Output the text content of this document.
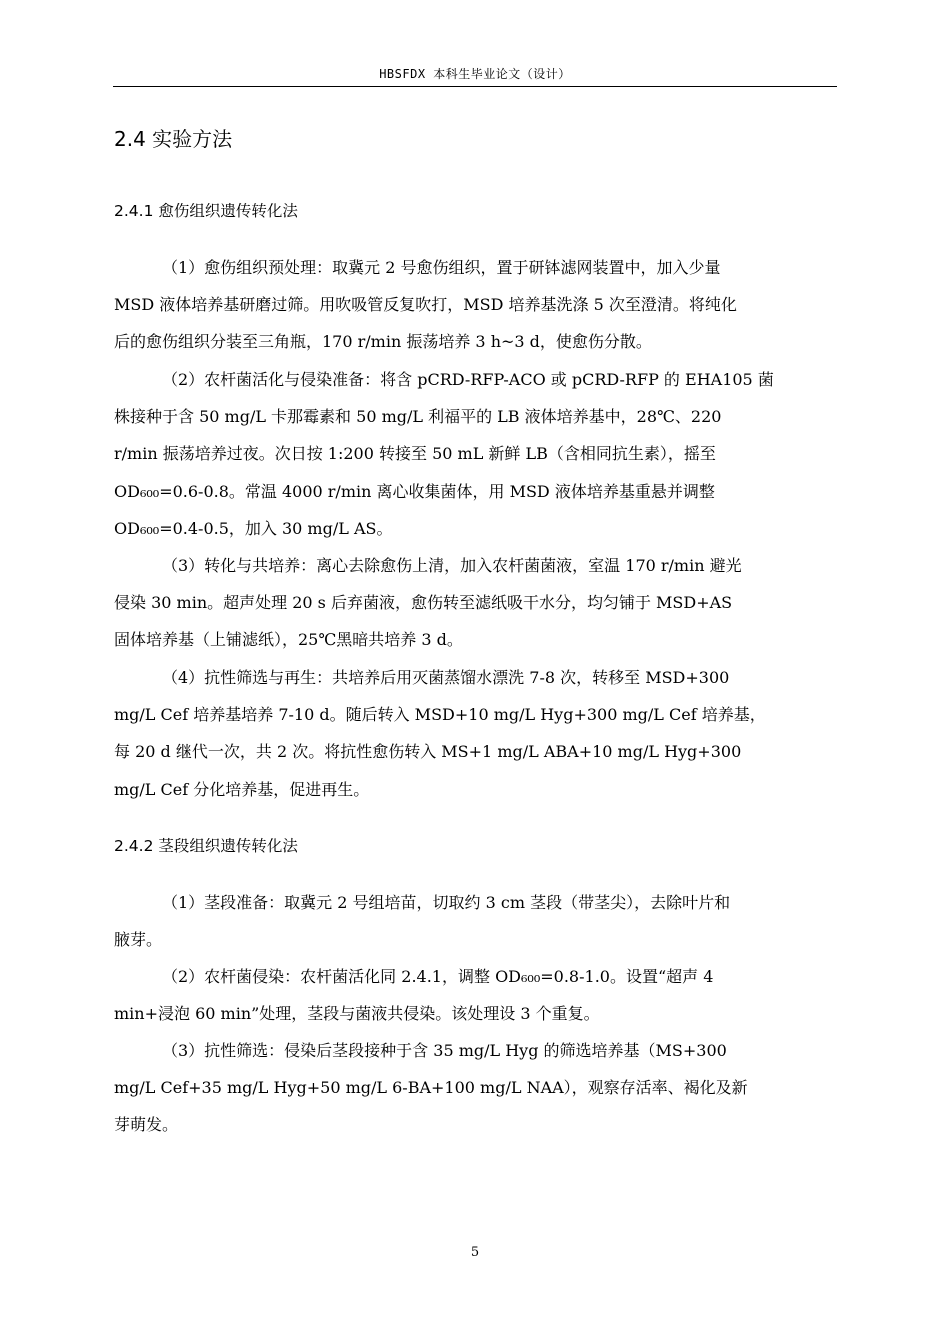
HBSFDX 本科生毕业论文（设计）
2.4 实验方法
2.4.1 愈伤组织遗传转化法

（1）愈伤组织预处理：取冀元 2 号愈伤组织，置于研钵滤网装置中，加入少量
MSD 液体培养基研磨过筛。用吹吸管反复吹打，MSD 培养基洗涤 5 次至澄清。将纯化
后的愈伤组织分装至三角瓶，170 r/min 振荡培养 3 h~3 d，使愈伤分散。

（2）农杆菌活化与侵染准备：将含 pCRD-RFP-ACO 或 pCRD-RFP 的 EHA105 菌
株接种于含 50 mg/L 卡那霉素和 50 mg/L 利福平的 LB 液体培养基中，28℃、220
r/min 振荡培养过夜。次日按 1:200 转接至 50 mL 新鲜 LB（含相同抗生素），摇至
OD₆₀₀=0.6-0.8。常温 4000 r/min 离心收集菌体，用 MSD 液体培养基重悬并调整
OD₆₀₀=0.4-0.5，加入 30 mg/L AS。

（3）转化与共培养：离心去除愈伤上清，加入农杆菌菌液，室温 170 r/min 避光
侵染 30 min。超声处理 20 s 后弃菌液，愈伤转至滤纸吸干水分，均匀铺于 MSD+AS
固体培养基（上铺滤纸），25℃黑暗共培养 3 d。

（4）抗性筛选与再生：共培养后用灭菌蒸馏水漂洗 7-8 次，转移至 MSD+300
mg/L Cef 培养基培养 7-10 d。随后转入 MSD+10 mg/L Hyg+300 mg/L Cef 培养基，
每 20 d 继代一次，共 2 次。将抗性愈伤转入 MS+1 mg/L ABA+10 mg/L Hyg+300
mg/L Cef 分化培养基，促进再生。

2.4.2 茎段组织遗传转化法

（1）茎段准备：取冀元 2 号组培苗，切取约 3 cm 茎段（带茎尖），去除叶片和
腋芽。

（2）农杆菌侵染：农杆菌活化同 2.4.1，调整 OD₆₀₀=0.8-1.0。设置“超声 4
min+浸泡 60 min”处理，茎段与菌液共侵染。该处理设 3 个重复。

（3）抗性筛选：侵染后茎段接种于含 35 mg/L Hyg 的筛选培养基（MS+300
mg/L Cef+35 mg/L Hyg+50 mg/L 6-BA+100 mg/L NAA），观察存活率、褐化及新
芽萌发。

5
